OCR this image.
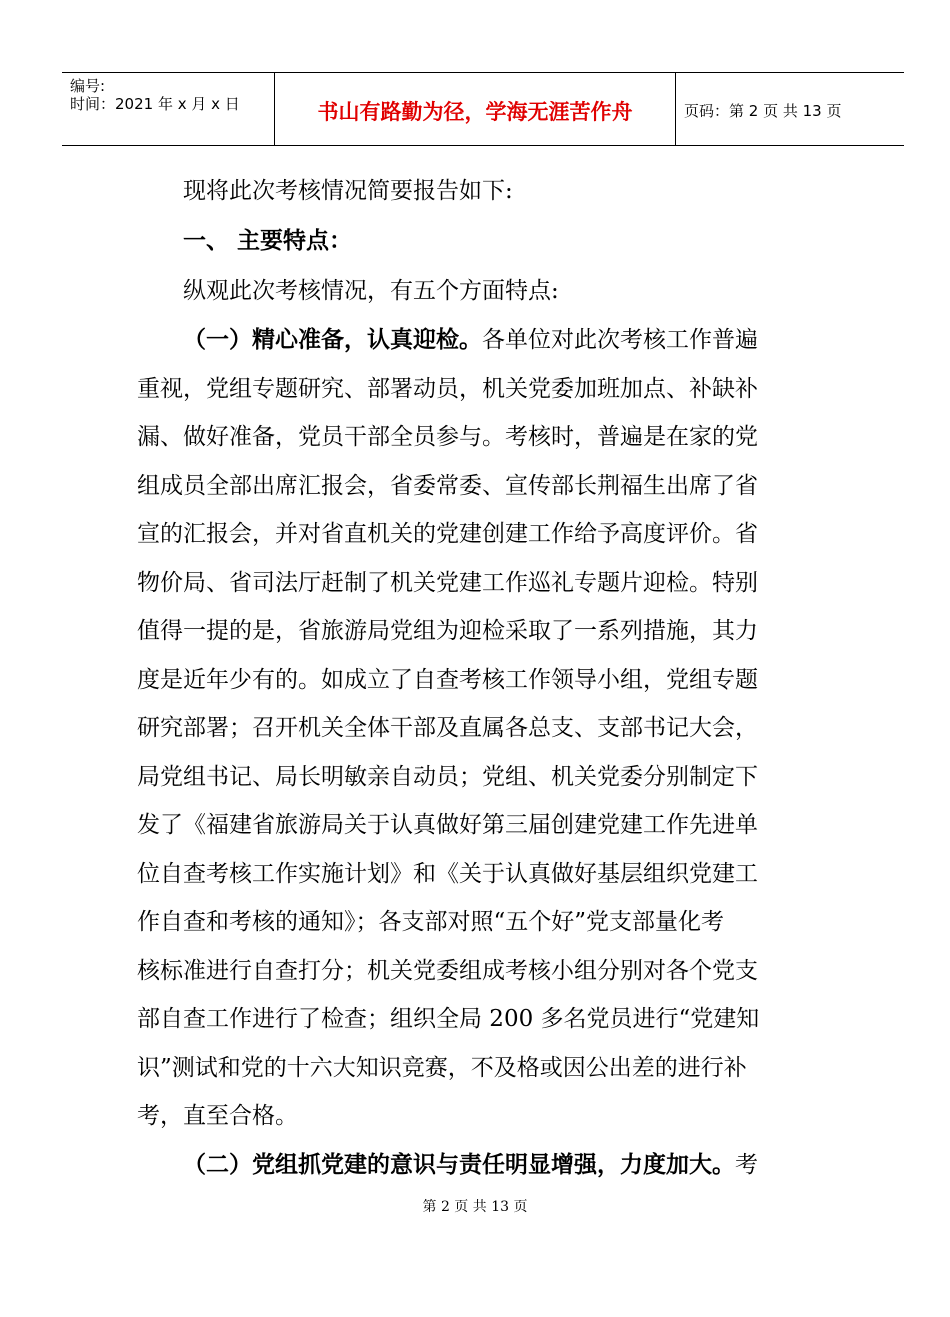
编号:
时间：2021 年 x 月 x 日	书山有路勤为径，学海无涯苦作舟	页码：第 2 页 共 13 页
现将此次考核情况简要报告如下:
一、 主要特点：
纵观此次考核情况，有五个方面特点:
（一）精心准备，认真迎检。各单位对此次考核工作普遍
重视，党组专题研究、部署动员，机关党委加班加点、补缺补
漏、做好准备，党员干部全员参与。考核时，普遍是在家的党
组成员全部出席汇报会，省委常委、宣传部长荆福生出席了省
宣的汇报会，并对省直机关的党建创建工作给予高度评价。省
物价局、省司法厅赶制了机关党建工作巡礼专题片迎检。特别
值得一提的是，省旅游局党组为迎检采取了一系列措施，其力
度是近年少有的。如成立了自查考核工作领导小组，党组专题
研究部署；召开机关全体干部及直属各总支、支部书记大会，
局党组书记、局长明敏亲自动员；党组、机关党委分别制定下
发了《福建省旅游局关于认真做好第三届创建党建工作先进单
位自查考核工作实施计划》和《关于认真做好基层组织党建工
作自查和考核的通知》；各支部对照“五个好”党支部量化考
核标准进行自查打分；机关党委组成考核小组分别对各个党支
部自查工作进行了检查；组织全局 200 多名党员进行“党建知
识”测试和党的十六大知识竞赛，不及格或因公出差的进行补
考，直至合格。
（二）党组抓党建的意识与责任明显增强，力度加大。考
第 2 页 共 13 页
